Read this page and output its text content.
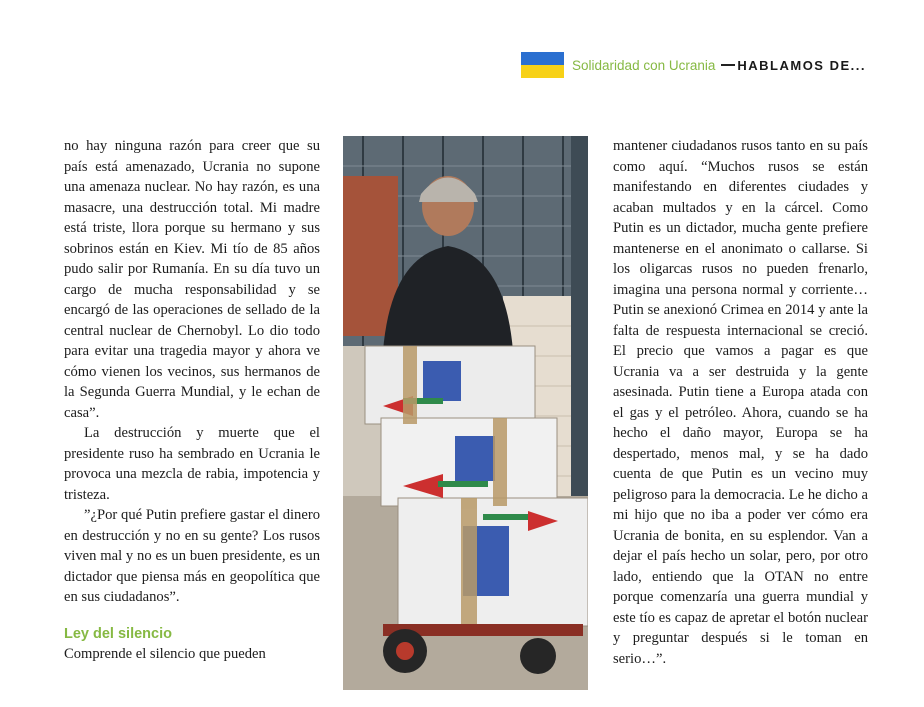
Solidaridad con Ucrania HABLAMOS DE...

no hay ninguna razón para creer que su país está amenazado, Ucrania no supone una amenaza nuclear. No hay razón, es una masacre, una destrucción total. Mi madre está triste, llora porque su hermano y sus sobrinos están en Kiev. Mi tío de 85 años pudo salir por Rumanía. En su día tuvo un cargo de mucha responsabilidad y se encargó de las operaciones de sellado de la central nuclear de Chernobyl. Lo dio todo para evitar una tragedia mayor y ahora ve cómo vienen los vecinos, sus hermanos de la Segunda Guerra Mundial, y le echan de casa”.

La destrucción y muerte que el presidente ruso ha sembrado en Ucrania le provoca una mezcla de rabia, impotencia y tristeza.

”¿Por qué Putin prefiere gastar el dinero en destrucción y no en su gente? Los rusos viven mal y no es un buen presidente, es un dictador que piensa más en geopolítica que en sus ciudadanos”.

Ley del silencio

Comprende el silencio que pueden

mantener ciudadanos rusos tanto en su país como aquí. “Muchos rusos se están manifestando en diferentes ciudades y acaban multados y en la cárcel. Como Putin es un dictador, mucha gente prefiere mantenerse en el anonimato o callarse. Si los oligarcas rusos no pueden frenarlo, imagina una persona normal y corriente… Putin se anexionó Crimea en 2014 y ante la falta de respuesta internacional se creció. El precio que vamos a pagar es que Ucrania va a ser destruida y la gente asesinada. Putin tiene a Europa atada con el gas y el petróleo. Ahora, cuando se ha hecho el daño mayor, Europa se ha despertado, menos mal, y se ha dado cuenta de que Putin es un vecino muy peligroso para la democracia. Le he dicho a mi hijo que no iba a poder ver cómo era Ucrania de bonita, en su esplendor. Van a dejar el país hecho un solar, pero, por otro lado, entiendo que la OTAN no entre porque comenzaría una guerra mundial y este tío es capaz de apretar el botón nuclear y preguntar después si le toman en serio…”.
